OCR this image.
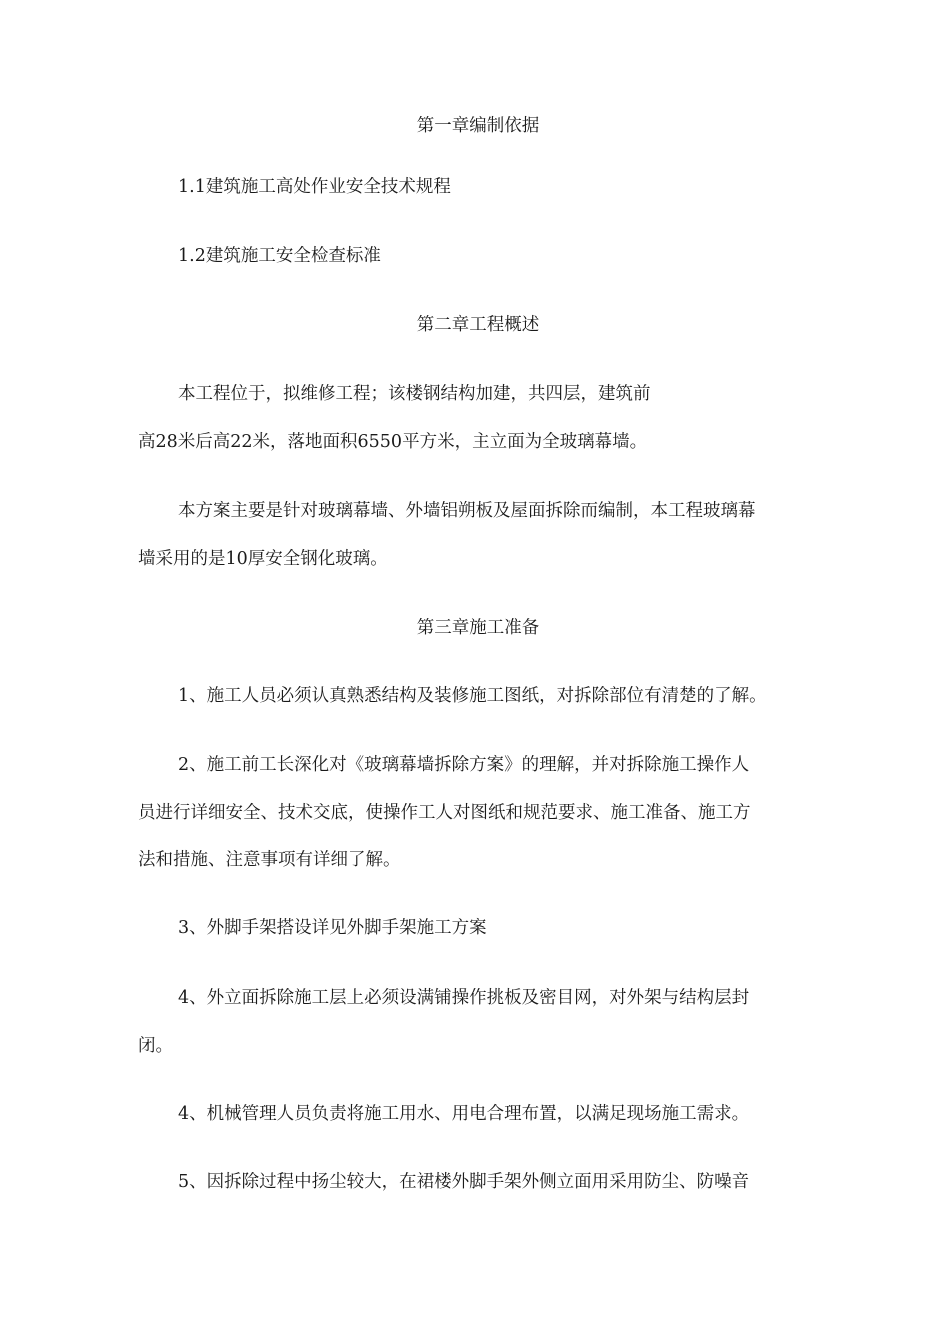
第一章编制依据
1.1建筑施工高处作业安全技术规程
1.2建筑施工安全检查标准
第二章工程概述
本工程位于，拟维修工程；该楼钢结构加建，共四层，建筑前
高28米后高22米，落地面积6550平方米，主立面为全玻璃幕墙。
本方案主要是针对玻璃幕墙、外墙铝朔板及屋面拆除而编制，本工程玻璃幕
墙采用的是10厚安全钢化玻璃。
第三章施工准备
1、施工人员必须认真熟悉结构及装修施工图纸，对拆除部位有清楚的了解。
2、施工前工长深化对《玻璃幕墙拆除方案》的理解，并对拆除施工操作人
员进行详细安全、技术交底，使操作工人对图纸和规范要求、施工准备、施工方
法和措施、注意事项有详细了解。
3、外脚手架搭设详见外脚手架施工方案
4、外立面拆除施工层上必须设满铺操作挑板及密目网，对外架与结构层封
闭。
4、机械管理人员负责将施工用水、用电合理布置，以满足现场施工需求。
5、因拆除过程中扬尘较大，在裙楼外脚手架外侧立面用采用防尘、防噪音
